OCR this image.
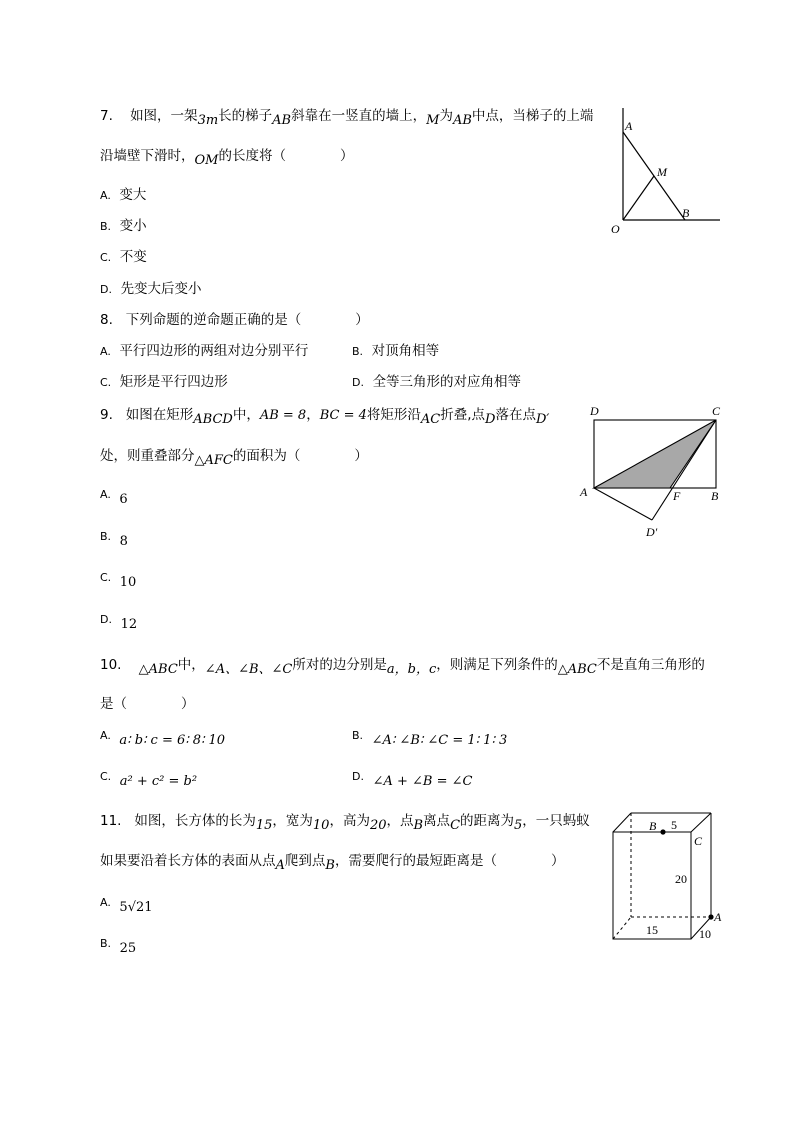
7. 如图，一架3m长的梯子AB斜靠在一竖直的墙上，M为AB中点，当梯子的上端
沿墙壁下滑时，OM的长度将（　　　　）
A. 变大
B. 变小
C. 不变
D. 先变大后变小
A
M
B
O
8. 下列命题的逆命题正确的是（　　　　）
A. 平行四边形的两组对边分别平行	B. 对顶角相等
C. 矩形是平行四边形	D. 全等三角形的对应角相等
9. 如图在矩形ABCD中，AB = 8，BC = 4将矩形沿AC折叠,点D落在点D′
处，则重叠部分△AFC的面积为（　　　　）
$^{A.}$ 6
$^{B.}$ 8
$^{C.}$ 10
$^{D.}$ 12
D	C
A	F	B
D′
10. △ABC中，∠A、∠B、∠C所对的边分别是a，b，c，则满足下列条件的△ABC不是直角三角形的
是（　　　　）
$^{A.}$ a∶ b∶ c = 6∶ 8∶ 10	$^{B.}$ ∠A∶ ∠B∶ ∠C = 1∶ 1∶ 3
$^{C.}$ a² + c² = b²	$^{D.}$ ∠A + ∠B = ∠C
11. 如图，长方体的长为15，宽为10，高为20，点B离点C的距离为5，一只蚂蚁
如果要沿着长方体的表面从点A爬到点B，需要爬行的最短距离是（　　　　）
$^{A.}$ 5√21
$^{B.}$ 25
B 5
C
20
A
15	10
